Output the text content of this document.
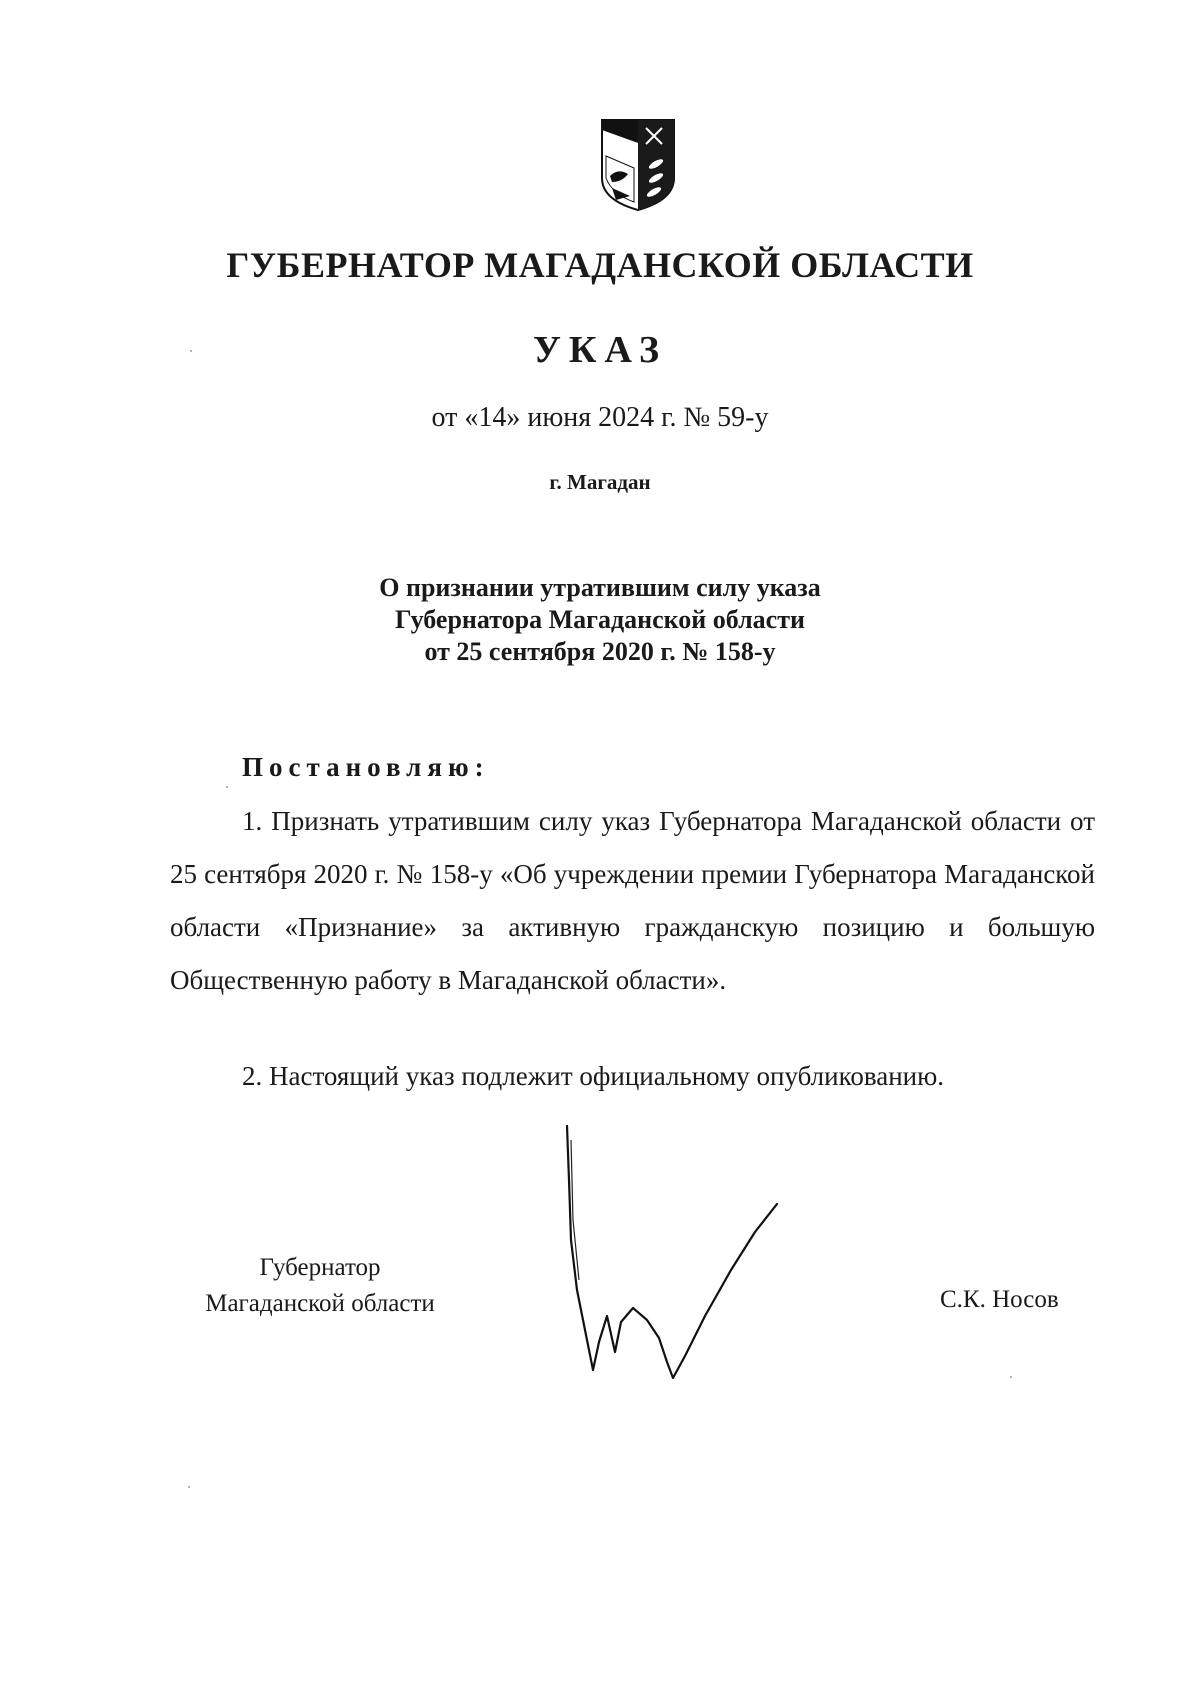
ГУБЕРНАТОР МАГАДАНСКОЙ ОБЛАСТИ
УКАЗ
от «14» июня 2024 г. № 59-у
г. Магадан
О признании утратившим силу указа
Губернатора Магаданской области
от 25 сентября 2020 г. № 158-у
Постановляю:
1. Признать утратившим силу указ Губернатора Магаданской области от 25 сентября 2020 г. № 158-у «Об учреждении премии Губернатора Магаданской области «Признание» за активную гражданскую позицию и большую Общественную работу в Магаданской области».
2. Настоящий указ подлежит официальному опубликованию.
Губернатор
Магаданской области	С.К. Носов
